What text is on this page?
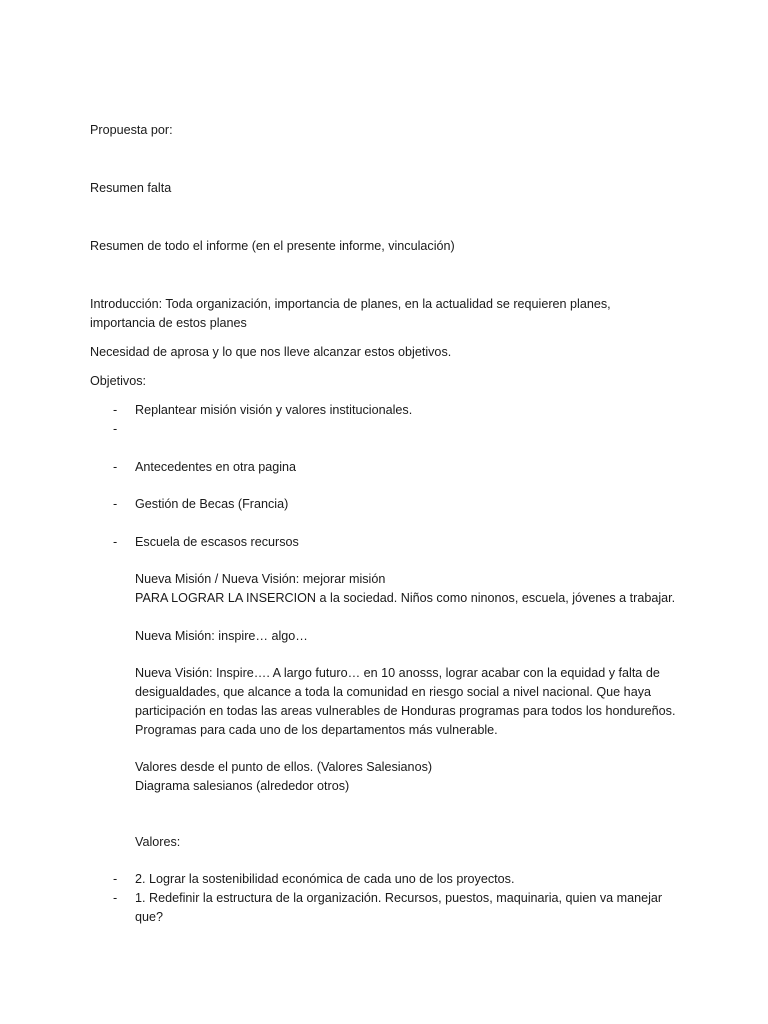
Propuesta por:
Resumen falta
Resumen de todo el informe (en el presente informe, vinculación)
Introducción: Toda organización, importancia de planes, en la actualidad se requieren planes,
importancia de estos planes
Necesidad de aprosa y lo que nos lleve alcanzar estos objetivos.
Objetivos:
- Replantear misión visión y valores institucionales.
-
- Antecedentes en otra pagina
- Gestión de Becas (Francia)
- Escuela de escasos recursos
Nueva Misión / Nueva Visión: mejorar misión
PARA LOGRAR LA INSERCION a la sociedad. Niños como ninonos, escuela, jóvenes a trabajar.
Nueva Misión: inspire… algo…
Nueva Visión: Inspire…. A largo futuro… en 10 anosss, lograr acabar con la equidad y falta de
desigualdades, que alcance a toda la comunidad en riesgo social a nivel nacional. Que haya
participación en todas las areas vulnerables de Honduras programas para todos los hondureños.
Programas para cada uno de los departamentos más vulnerable.
Valores desde el punto de ellos. (Valores Salesianos)
Diagrama salesianos (alrededor otros)
Valores:
- 2. Lograr la sostenibilidad económica de cada uno de los proyectos.
- 1. Redefinir la estructura de la organización. Recursos, puestos, maquinaria, quien va manejar
que?
